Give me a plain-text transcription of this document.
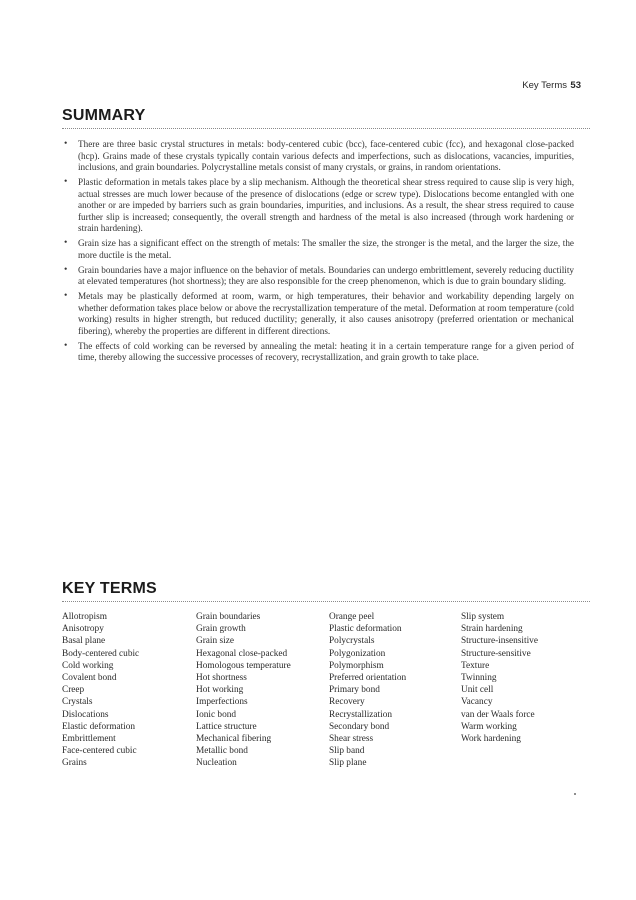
Key Terms 53
SUMMARY
• There are three basic crystal structures in metals: body-centered cubic (bcc), face-centered cubic (fcc), and hexagonal close-packed (hcp). Grains made of these crystals typically contain various defects and imperfections, such as dislocations, vacancies, impurities, inclusions, and grain boundaries. Polycrystalline metals consist of many crystals, or grains, in random orientations.
• Plastic deformation in metals takes place by a slip mechanism. Although the theoretical shear stress required to cause slip is very high, actual stresses are much lower because of the presence of dislocations (edge or screw type). Dislocations become entangled with one another or are impeded by barriers such as grain boundaries, impurities, and inclusions. As a result, the shear stress required to cause further slip is increased; consequently, the overall strength and hardness of the metal is also increased (through work hardening or strain hardening).
• Grain size has a significant effect on the strength of metals: The smaller the size, the stronger is the metal, and the larger the size, the more ductile is the metal.
• Grain boundaries have a major influence on the behavior of metals. Boundaries can undergo embrittlement, severely reducing ductility at elevated temperatures (hot shortness); they are also responsible for the creep phenomenon, which is due to grain boundary sliding.
• Metals may be plastically deformed at room, warm, or high temperatures, their behavior and workability depending largely on whether deformation takes place below or above the recrystallization temperature of the metal. Deformation at room temperature (cold working) results in higher strength, but reduced ductility; generally, it also causes anisotropy (preferred orientation or mechanical fibering), whereby the properties are different in different directions.
• The effects of cold working can be reversed by annealing the metal: heating it in a certain temperature range for a given period of time, thereby allowing the successive processes of recovery, recrystallization, and grain growth to take place.
KEY TERMS
Allotropism
Anisotropy
Basal plane
Body-centered cubic
Cold working
Covalent bond
Creep
Crystals
Dislocations
Elastic deformation
Embrittlement
Face-centered cubic
Grains
Grain boundaries
Grain growth
Grain size
Hexagonal close-packed
Homologous temperature
Hot shortness
Hot working
Imperfections
Ionic bond
Lattice structure
Mechanical fibering
Metallic bond
Nucleation
Orange peel
Plastic deformation
Polycrystals
Polygonization
Polymorphism
Preferred orientation
Primary bond
Recovery
Recrystallization
Secondary bond
Shear stress
Slip band
Slip plane
Slip system
Strain hardening
Structure-insensitive
Structure-sensitive
Texture
Twinning
Unit cell
Vacancy
van der Waals force
Warm working
Work hardening
